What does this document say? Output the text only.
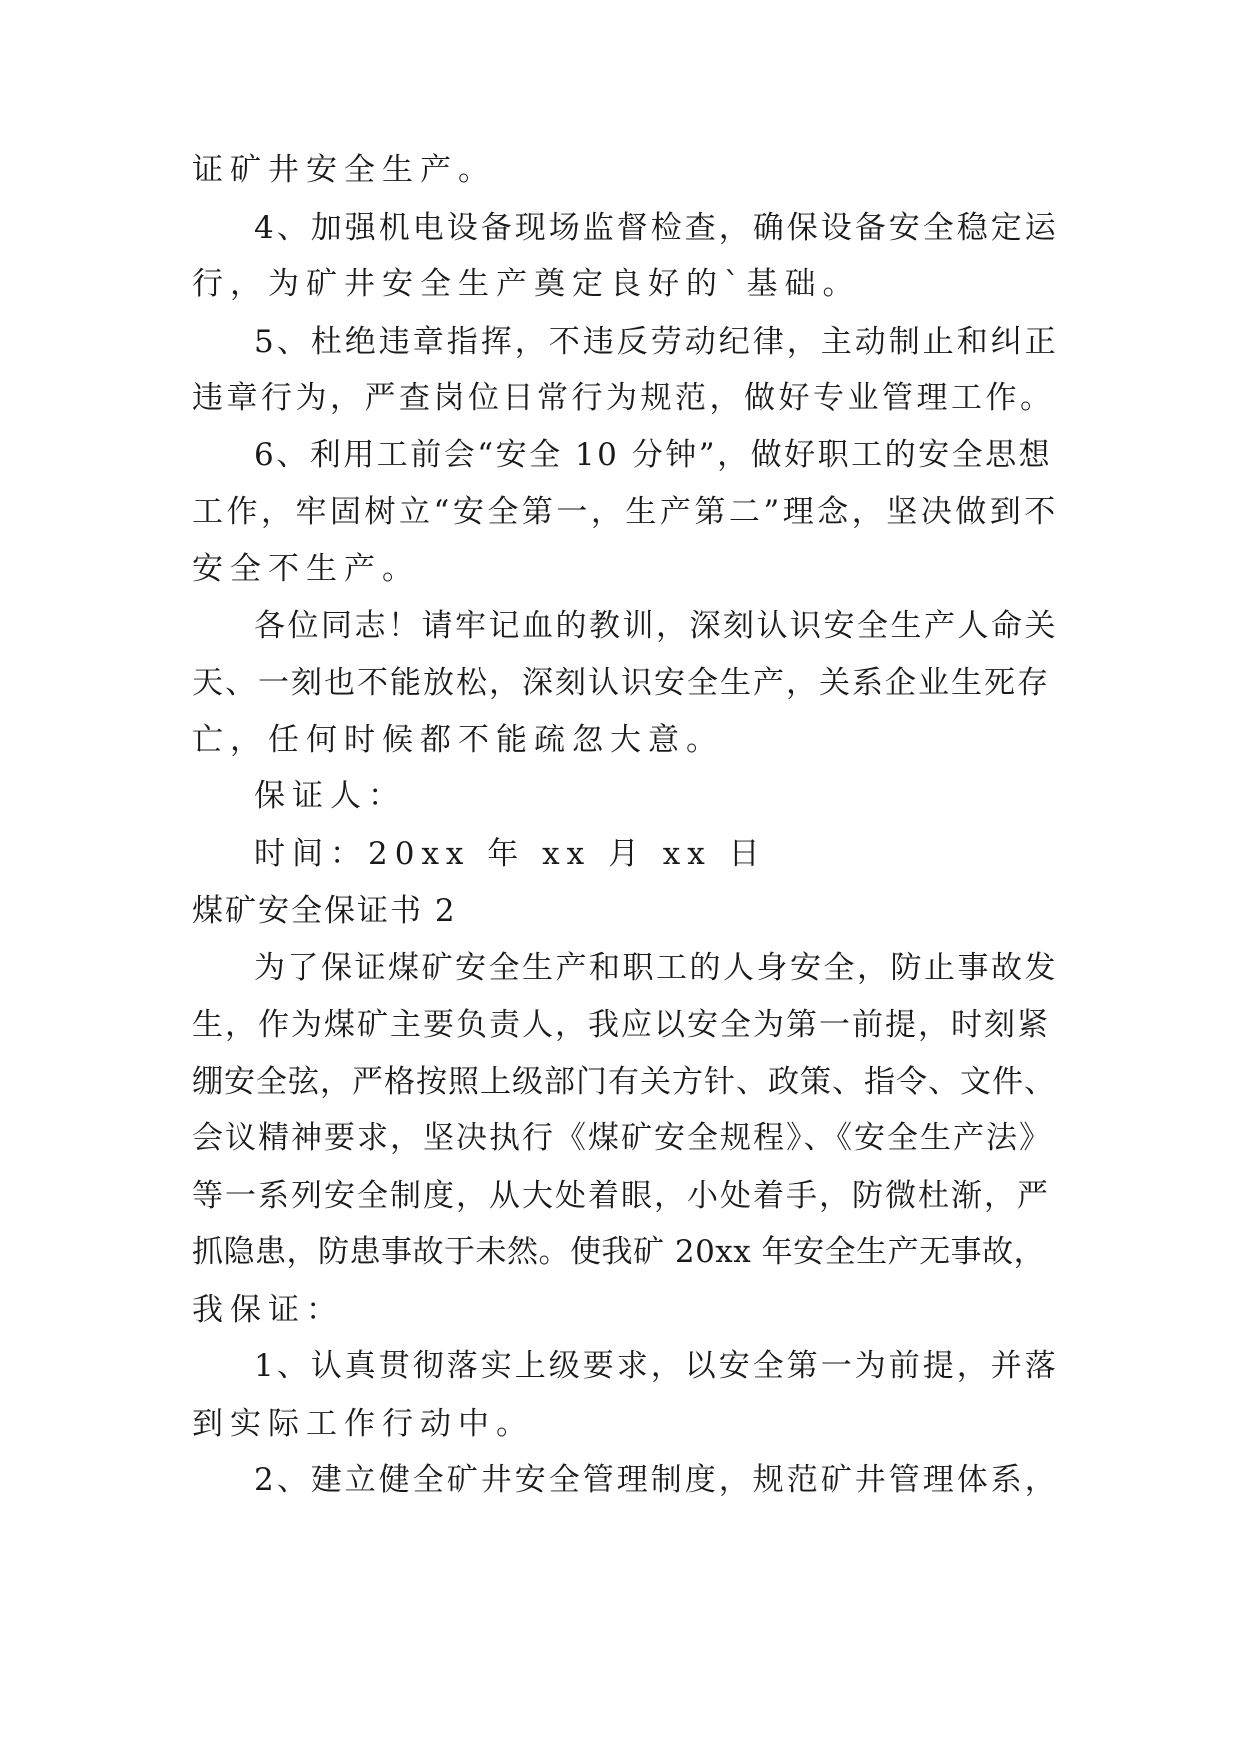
证矿井安全生产。
4、加强机电设备现场监督检查，确保设备安全稳定运
行，为矿井安全生产奠定良好的`基础。
5、杜绝违章指挥，不违反劳动纪律，主动制止和纠正
违章行为，严查岗位日常行为规范，做好专业管理工作。
6、利用工前会“安全 10 分钟”，做好职工的安全思想
工作，牢固树立“安全第一，生产第二”理念，坚决做到不
安全不生产。
各位同志！请牢记血的教训，深刻认识安全生产人命关
天、一刻也不能放松，深刻认识安全生产，关系企业生死存
亡，任何时候都不能疏忽大意。
保证人：
时间：20xx 年 xx 月 xx 日
煤矿安全保证书 2
为了保证煤矿安全生产和职工的人身安全，防止事故发
生，作为煤矿主要负责人，我应以安全为第一前提，时刻紧
绷安全弦，严格按照上级部门有关方针、政策、指令、文件、
会议精神要求，坚决执行《煤矿安全规程》、《安全生产法》
等一系列安全制度，从大处着眼，小处着手，防微杜渐，严
抓隐患，防患事故于未然。使我矿 20xx 年安全生产无事故，
我保证：
1、认真贯彻落实上级要求，以安全第一为前提，并落
到实际工作行动中。
2、建立健全矿井安全管理制度，规范矿井管理体系，
